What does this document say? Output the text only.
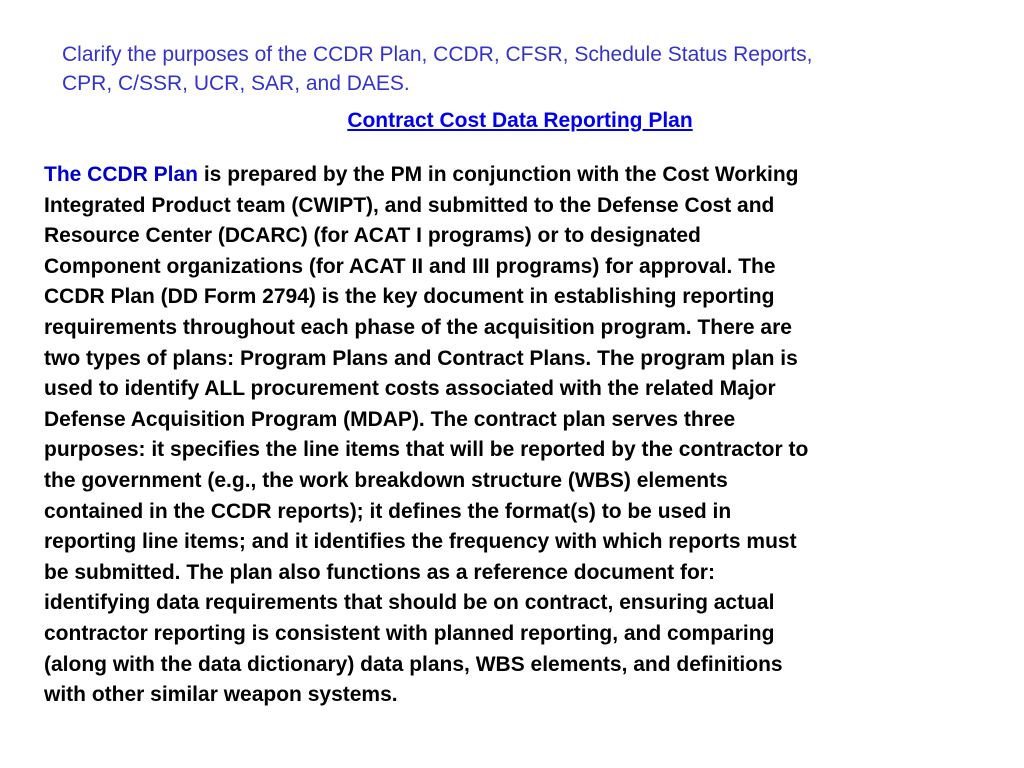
Clarify the purposes of the CCDR Plan, CCDR, CFSR, Schedule Status Reports,
CPR, C/SSR, UCR, SAR, and DAES.
Contract Cost Data Reporting Plan
The CCDR Plan is prepared by the PM in conjunction with the Cost Working
Integrated Product team (CWIPT), and submitted to the Defense Cost and
Resource Center (DCARC) (for ACAT I programs) or to designated
Component organizations (for ACAT II and III programs) for approval. The
CCDR Plan (DD Form 2794) is the key document in establishing reporting
requirements throughout each phase of the acquisition program. There are
two types of plans: Program Plans and Contract Plans. The program plan is
used to identify ALL procurement costs associated with the related Major
Defense Acquisition Program (MDAP). The contract plan serves three
purposes: it specifies the line items that will be reported by the contractor to
the government (e.g., the work breakdown structure (WBS) elements
contained in the CCDR reports); it defines the format(s) to be used in
reporting line items; and it identifies the frequency with which reports must
be submitted. The plan also functions as a reference document for:
identifying data requirements that should be on contract, ensuring actual
contractor reporting is consistent with planned reporting, and comparing
(along with the data dictionary) data plans, WBS elements, and definitions
with other similar weapon systems.
